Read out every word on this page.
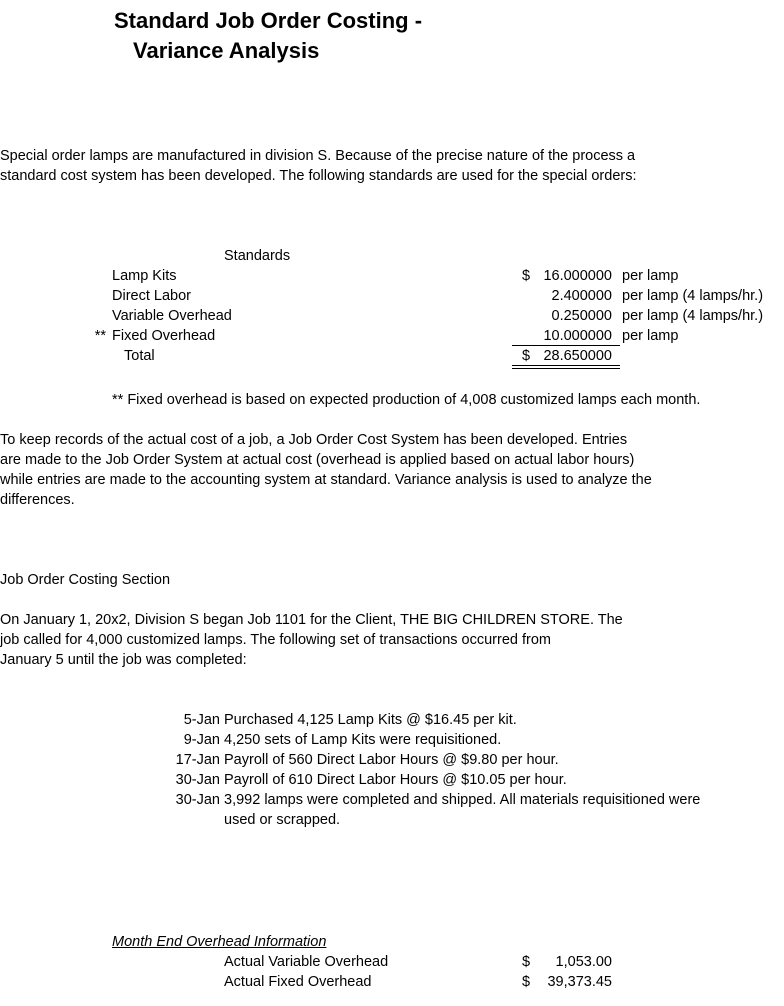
Standard Job Order Costing -
Variance Analysis
Special order lamps are manufactured in division S. Because of the precise nature of the process a
standard cost system has been developed. The following standards are used for the special orders:
Standards
Lamp Kits	$ 16.000000 per lamp
Direct Labor	2.400000 per lamp (4 lamps/hr.)
Variable Overhead	0.250000 per lamp (4 lamps/hr.)
** Fixed Overhead	10.000000 per lamp
Total	$ 28.650000
** Fixed overhead is based on expected production of 4,008 customized lamps each month.
To keep records of the actual cost of a job, a Job Order Cost System has been developed. Entries
are made to the Job Order System at actual cost (overhead is applied based on actual labor hours)
while entries are made to the accounting system at standard. Variance analysis is used to analyze the
differences.
Job Order Costing Section
On January 1, 20x2, Division S began Job 1101 for the Client, THE BIG CHILDREN STORE. The
job called for 4,000 customized lamps. The following set of transactions occurred from
January 5 until the job was completed:
5-Jan Purchased 4,125 Lamp Kits @ $16.45 per kit.
9-Jan 4,250 sets of Lamp Kits were requisitioned.
17-Jan Payroll of 560 Direct Labor Hours @ $9.80 per hour.
30-Jan Payroll of 610 Direct Labor Hours @ $10.05 per hour.
30-Jan 3,992 lamps were completed and shipped. All materials requisitioned were
used or scrapped.
Month End Overhead Information
Actual Variable Overhead	$	1,053.00
Actual Fixed Overhead	$	39,373.45
